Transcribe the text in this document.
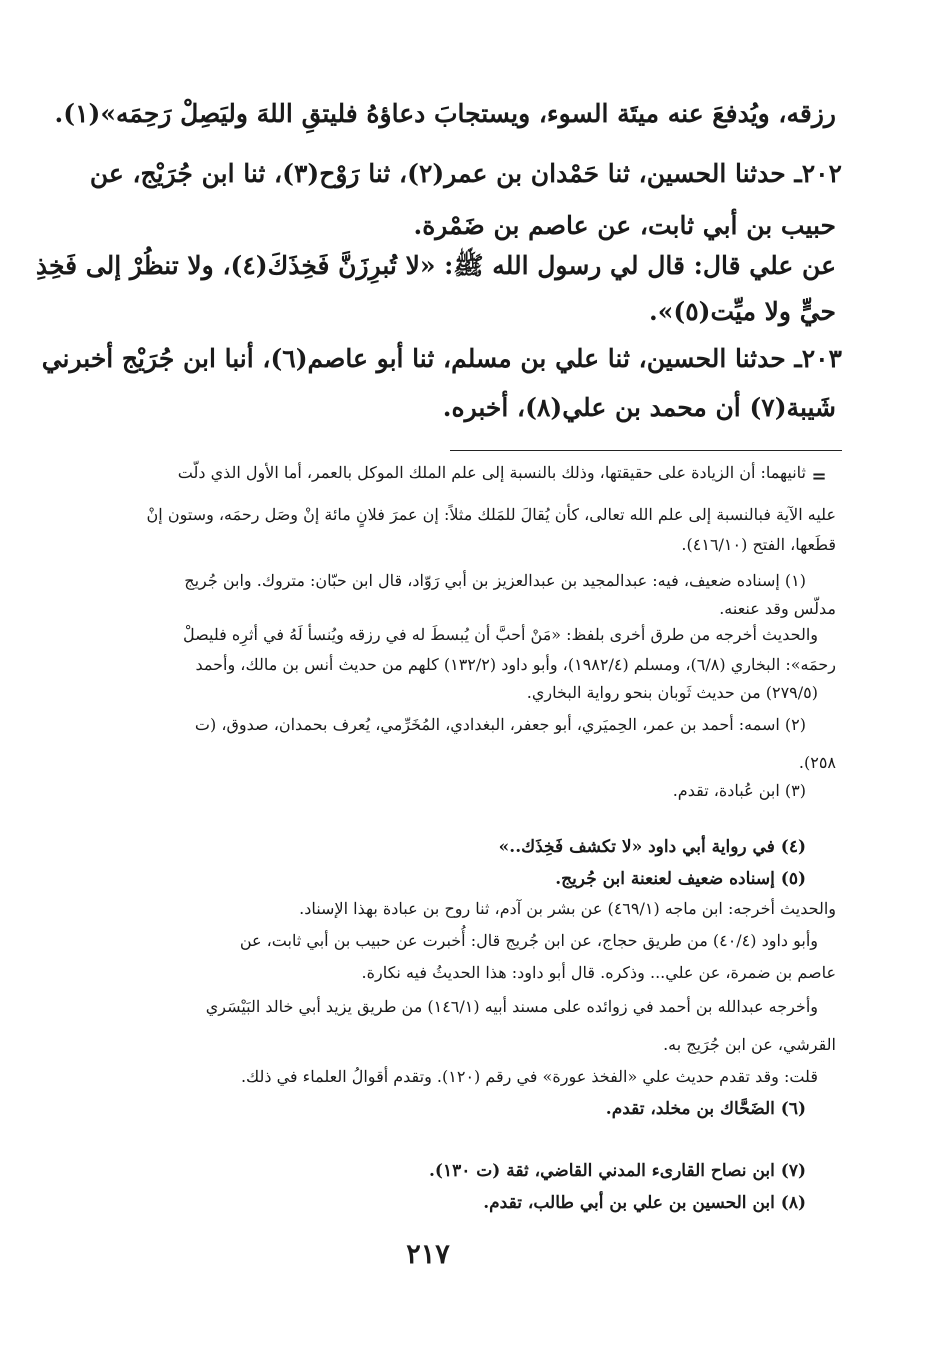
رزقه، ويُدفعَ عنه ميتَة السوء، ويستجابَ دعاؤهُ فليتقِ اللهَ وليَصِلْ رَحِمَه»(١).
٢٠٢ـ حدثنا الحسين، ثنا حَمْدان بن عمر(٢)، ثنا رَوْح(٣)، ثنا ابن جُرَيْج، عن
حبيب بن أبي ثابت، عن عاصم بن ضَمْرة.
عن علي قال: قال لي رسول الله ﷺ: «لا تُبرِزَنَّ فَخِذَكَ(٤)، ولا تنظُرْ إلى فَخِذِ
حيٍّ ولا ميِّت(٥)».
٢٠٣ـ حدثنا الحسين، ثنا علي بن مسلم، ثنا أبو عاصم(٦)، أنبا ابن جُرَيْج أخبرني
شَيبة(٧) أن محمد بن علي(٨)، أخبره.
=
ثانيهما: أن الزيادة على حقيقتها، وذلك بالنسبة إلى علم الملك الموكل بالعمر، أما الأول الذي دلّت
عليه الآية فبالنسبة إلى علم الله تعالى، كأن يُقالَ للمَلك مثلاً: إن عمرَ فلانٍ مائة إنْ وصَل رحمَه، وستون إنْ
قطَعها، الفتح (٤١٦/١٠).
(١) إسناده ضعيف، فيه: عبدالمجيد بن عبدالعزيز بن أبي رَوّاد، قال ابن حبّان: متروك. وابن جُريج
مدلّس وقد عنعنه.
والحديث أخرجه من طرق أخرى بلفظ: «مَنْ أحبَّ أن يُبسطَ له في رزقه ويُنسأ لَهُ في أثرِه فليصلْ
رحمَه»: البخاري (٦/٨)، ومسلم (١٩٨٢/٤)، وأبو داود (١٣٢/٢) كلهم من حديث أنس بن مالك، وأحمد
(٢٧٩/٥) من حديث ثَوبان بنحو رواية البخاري.
(٢) اسمه: أحمد بن عمر، الحِميَري، أبو جعفر، البغدادي، المُخَرِّمي، يُعرف بحمدان، صدوق، (ت
٢٥٨).
(٣) ابن عُبادة، تقدم.
(٤) في رواية أبي داود «لا تكشف فَخِذَك..»
(٥) إسناده ضعيف لعنعنة ابن جُريج.
والحديث أخرجه: ابن ماجه (٤٦٩/١) عن بشر بن آدم، ثنا روح بن عبادة بهذا الإسناد.
وأبو داود (٤٠/٤) من طريق حجاج، عن ابن جُريج قال: أُخبرت عن حبيب بن أبي ثابت، عن
عاصم بن ضمرة، عن علي... وذكره. قال أبو داود: هذا الحديثُ فيه نكارة.
وأخرجه عبدالله بن أحمد في زوائده على مسند أبيه (١٤٦/١) من طريق يزيد أبي خالد البَيْسَري
القرشي، عن ابن جُرَيج به.
قلت: وقد تقدم حديث علي «الفخذ عورة» في رقم (١٢٠). وتقدم أقوالُ العلماء في ذلك.
(٦) الضَحَّاك بن مخلد، تقدم.
(٧) ابن نصاح القارىء المدني القاضي، ثقة (ت ١٣٠).
(٨) ابن الحسين بن علي بن أبي طالب، تقدم.
٢١٧
